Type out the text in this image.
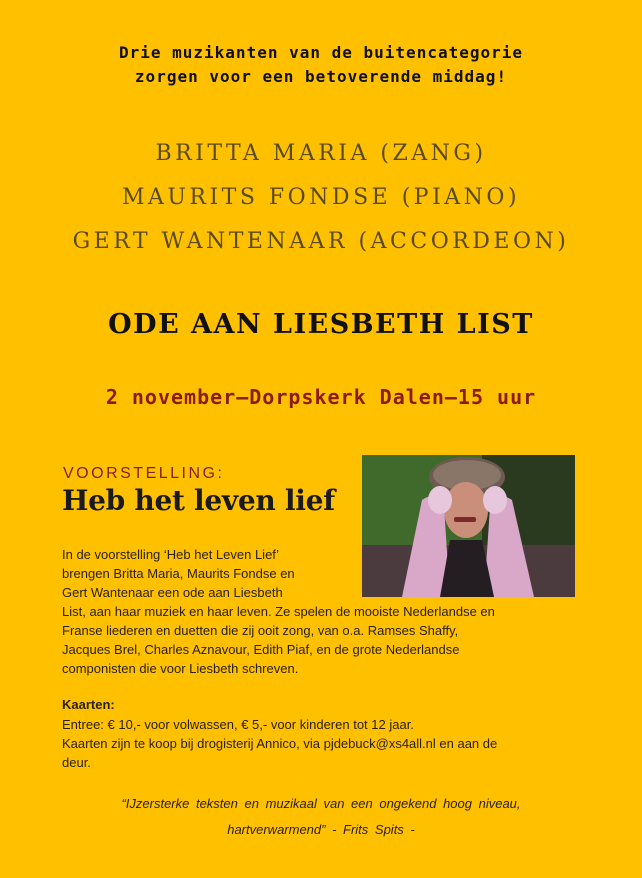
Drie muzikanten van de buitencategorie
zorgen voor een betoverende middag!
BRITTA MARIA (ZANG)
MAURITS FONDSE (PIANO)
GERT WANTENAAR (ACCORDEON)
ODE AAN LIESBETH LIST
2 november–Dorpskerk Dalen–15 uur
VOORSTELLING:
Heb het leven lief
In de voorstelling ‘Heb het Leven Lief’
brengen Britta Maria, Maurits Fondse en
Gert Wantenaar een ode aan Liesbeth
List, aan haar muziek en haar leven. Ze spelen de mooiste Nederlandse en
Franse liederen en duetten die zij ooit zong, van o.a. Ramses Shaffy,
Jacques Brel, Charles Aznavour, Edith Piaf, en de grote Nederlandse
componisten die voor Liesbeth schreven.
Kaarten:
Entree: € 10,- voor volwassen, € 5,- voor kinderen tot 12 jaar.
Kaarten zijn te koop bij drogisterij Annico, via pjdebuck@xs4all.nl en aan de
deur.
“IJzersterke teksten en muzikaal van een ongekend hoog niveau,
hartverwarmend” - Frits Spits -
